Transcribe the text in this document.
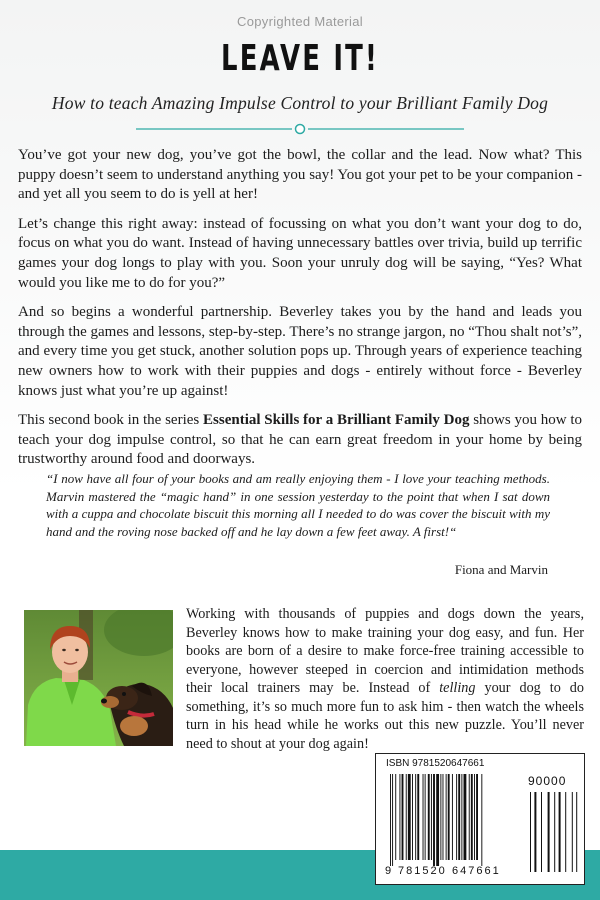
Copyrighted Material
LEAVE IT!
How to teach Amazing Impulse Control to your Brilliant Family Dog

You’ve got your new dog, you’ve got the bowl, the collar and the lead. Now what? This puppy doesn’t seem to understand anything you say! You got your pet to be your companion - and yet all you seem to do is yell at her!

Let’s change this right away: instead of focussing on what you don’t want your dog to do, focus on what you do want. Instead of having unnecessary battles over trivia, build up terrific games your dog longs to play with you. Soon your unruly dog will be saying, “Yes? What would you like me to do for you?”

And so begins a wonderful partnership. Beverley takes you by the hand and leads you through the games and lessons, step-by-step. There’s no strange jargon, no “Thou shalt not’s”, and every time you get stuck, another solution pops up. Through years of experience teaching new owners how to work with their puppies and dogs - entirely without force - Beverley knows just what you’re up against!

This second book in the series Essential Skills for a Brilliant Family Dog shows you how to teach your dog impulse control, so that he can earn great freedom in your home by being trustworthy around food and doorways.

“I now have all four of your books and am really enjoying them - I love your teaching methods. Marvin mastered the “magic hand” in one session yesterday to the point that when I sat down with a cuppa and chocolate biscuit this morning all I needed to do was cover the biscuit with my hand and the roving nose backed off and he lay down a few feet away. A first!“
Fiona and Marvin
Working with thousands of puppies and dogs down the years, Beverley knows how to make training your dog easy, and fun. Her books are born of a desire to make force-free training accessible to everyone, however steeped in coercion and intimidation methods their local trainers may be. Instead of telling your dog to do something, it’s so much more fun to ask him - then watch the wheels turn in his head while he works out this new puzzle. You’ll never need to shout at your dog again!
ISBN 9781520647661
90000
9 781520 647661
